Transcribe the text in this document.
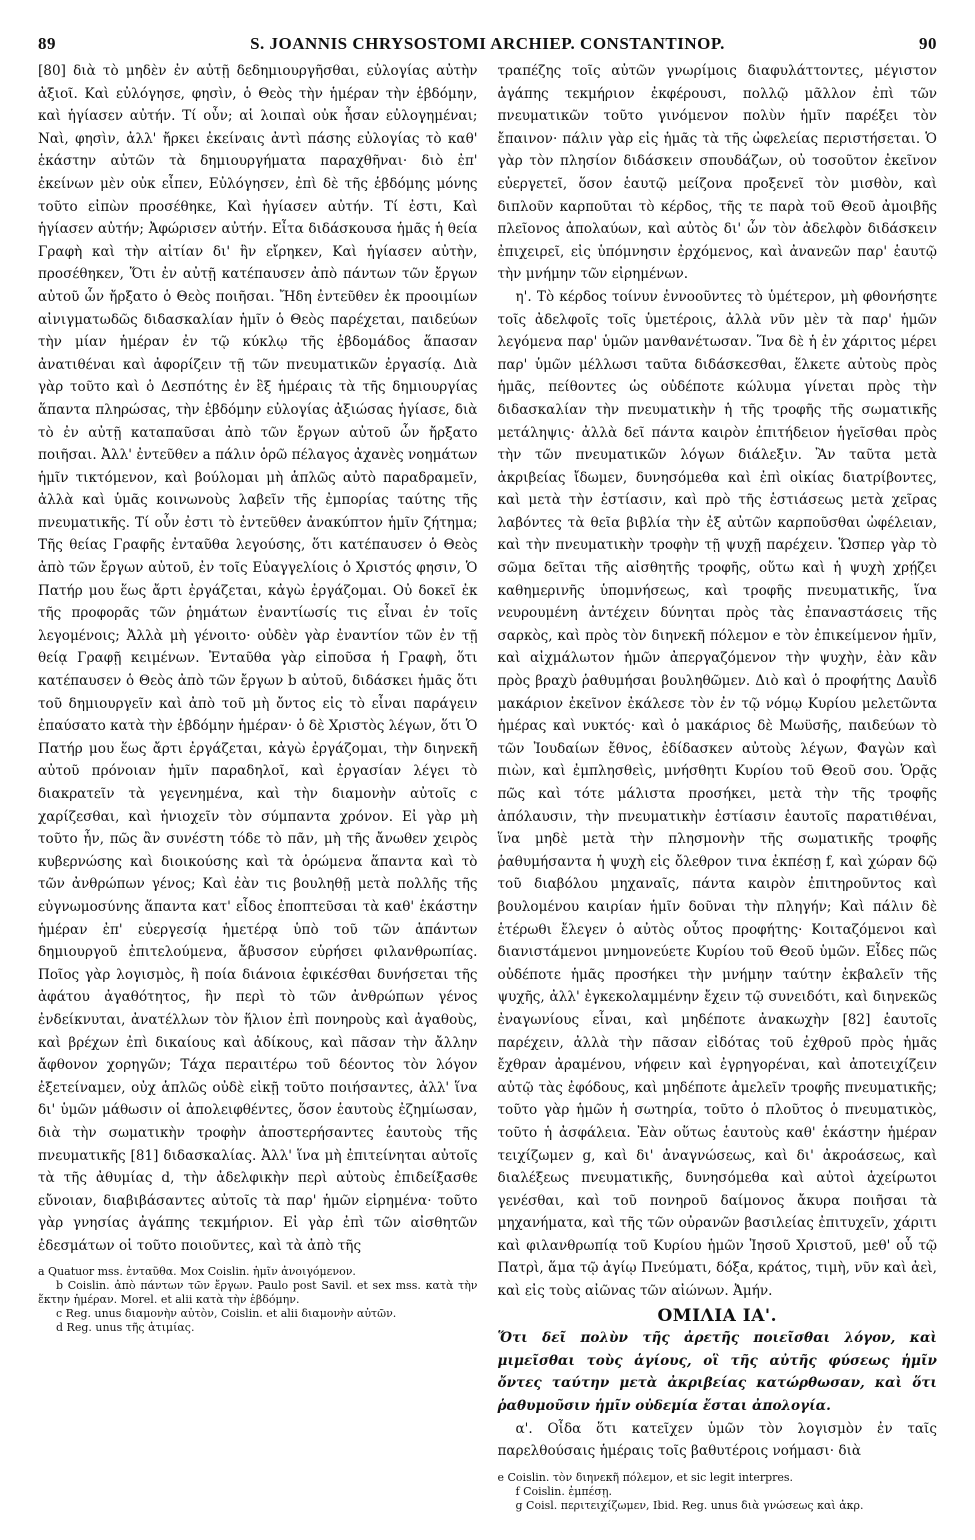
89	S. JOANNIS CHRYSOSTOMI ARCHIEP. CONSTANTINOP.	90

[80] διὰ τὸ μηδὲν ἐν αὐτῇ δεδημιουργῆσθαι, εὐλογίας αὐτὴν ἀξιοῖ. Καὶ εὐλόγησε, φησὶν, ὁ Θεὸς τὴν ἡμέραν τὴν ἑβδόμην, καὶ ἡγίασεν αὐτήν. Τί οὖν; αἱ λοιπαὶ οὐκ ἦσαν εὐλογημέναι; Ναὶ, φησὶν, ἀλλ' ἤρκει ἐκείναις ἀντὶ πάσης εὐλογίας τὸ καθ' ἑκάστην αὐτῶν τὰ δημιουργήματα παραχθῆναι· διὸ ἐπ' ἐκείνων μὲν οὐκ εἶπεν, Εὐλόγησεν, ἐπὶ δὲ τῆς ἑβδόμης μόνης τοῦτο εἰπὼν προσέθηκε, Καὶ ἡγίασεν αὐτήν. Τί ἐστι, Καὶ ἡγίασεν αὐτήν; Ἀφώρισεν αὐτήν. Εἶτα διδάσκουσα ἡμᾶς ἡ θεία Γραφὴ καὶ τὴν αἰτίαν δι' ἣν εἴρηκεν, Καὶ ἡγίασεν αὐτὴν, προσέθηκεν, Ὅτι ἐν αὐτῇ κατέπαυσεν ἀπὸ πάντων τῶν ἔργων αὐτοῦ ὧν ἤρξατο ὁ Θεὸς ποιῆσαι. Ἤδη ἐντεῦθεν ἐκ προοιμίων αἰνιγματωδῶς διδασκαλίαν ἡμῖν ὁ Θεὸς παρέχεται, παιδεύων τὴν μίαν ἡμέραν ἐν τῷ κύκλῳ τῆς ἑβδομάδος ἅπασαν ἀνατιθέναι καὶ ἀφορίζειν τῇ τῶν πνευματικῶν ἐργασίᾳ. Διὰ γὰρ τοῦτο καὶ ὁ Δεσπότης ἐν ἓξ ἡμέραις τὰ τῆς δημιουργίας ἅπαντα πληρώσας, τὴν ἑβδόμην εὐλογίας ἀξιώσας ἡγίασε, διὰ τὸ ἐν αὐτῇ καταπαῦσαι ἀπὸ τῶν ἔργων αὐτοῦ ὧν ἤρξατο ποιῆσαι. Ἀλλ' ἐντεῦθεν a πάλιν ὁρῶ πέλαγος ἀχανὲς νοημάτων ἡμῖν τικτόμενον, καὶ βούλομαι μὴ ἁπλῶς αὐτὸ παραδραμεῖν, ἀλλὰ καὶ ὑμᾶς κοινωνοὺς λαβεῖν τῆς ἐμπορίας ταύτης τῆς πνευματικῆς. Τί οὖν ἐστι τὸ ἐντεῦθεν ἀνακύπτον ἡμῖν ζήτημα; Τῆς θείας Γραφῆς ἐνταῦθα λεγούσης, ὅτι κατέπαυσεν ὁ Θεὸς ἀπὸ τῶν ἔργων αὐτοῦ, ἐν τοῖς Εὐαγγελίοις ὁ Χριστός φησιν, Ὁ Πατήρ μου ἕως ἄρτι ἐργάζεται, κἀγὼ ἐργάζομαι. Οὐ δοκεῖ ἐκ τῆς προφορᾶς τῶν ῥημάτων ἐναντίωσίς τις εἶναι ἐν τοῖς λεγομένοις; Ἀλλὰ μὴ γένοιτο· οὐδὲν γὰρ ἐναντίον τῶν ἐν τῇ θείᾳ Γραφῇ κειμένων. Ἐνταῦθα γὰρ εἰποῦσα ἡ Γραφὴ, ὅτι κατέπαυσεν ὁ Θεὸς ἀπὸ τῶν ἔργων b αὐτοῦ, διδάσκει ἡμᾶς ὅτι τοῦ δημιουργεῖν καὶ ἀπὸ τοῦ μὴ ὄντος εἰς τὸ εἶναι παράγειν ἐπαύσατο κατὰ τὴν ἑβδόμην ἡμέραν· ὁ δὲ Χριστὸς λέγων, ὅτι Ὁ Πατήρ μου ἕως ἄρτι ἐργάζεται, κἀγὼ ἐργάζομαι, τὴν διηνεκῆ αὐτοῦ πρόνοιαν ἡμῖν παραδηλοῖ, καὶ ἐργασίαν λέγει τὸ διακρατεῖν τὰ γεγενημένα, καὶ τὴν διαμονὴν αὐτοῖς c χαρίζεσθαι, καὶ ἡνιοχεῖν τὸν σύμπαντα χρόνον. Εἰ γὰρ μὴ τοῦτο ἦν, πῶς ἂν συνέστη τόδε τὸ πᾶν, μὴ τῆς ἄνωθεν χειρὸς κυβερνώσης καὶ διοικούσης καὶ τὰ ὁρώμενα ἅπαντα καὶ τὸ τῶν ἀνθρώπων γένος; Καὶ ἐὰν τις βουληθῇ μετὰ πολλῆς τῆς εὐγνωμοσύνης ἅπαντα κατ' εἶδος ἐποπτεῦσαι τὰ καθ' ἑκάστην ἡμέραν ἐπ' εὐεργεσίᾳ ἡμετέρᾳ ὑπὸ τοῦ τῶν ἁπάντων δημιουργοῦ ἐπιτελούμενα, ἄβυσσον εὑρήσει φιλανθρωπίας. Ποῖος γὰρ λογισμὸς, ἢ ποία διάνοια ἐφικέσθαι δυνήσεται τῆς ἀφάτου ἀγαθότητος, ἣν περὶ τὸ τῶν ἀνθρώπων γένος ἐνδείκνυται, ἀνατέλλων τὸν ἥλιον ἐπὶ πονηροὺς καὶ ἀγαθοὺς, καὶ βρέχων ἐπὶ δικαίους καὶ ἀδίκους, καὶ πᾶσαν τὴν ἄλλην ἄφθονον χορηγῶν; Τάχα περαιτέρω τοῦ δέοντος τὸν λόγον ἐξετείναμεν, οὐχ ἁπλῶς οὐδὲ εἰκῇ τοῦτο ποιήσαντες, ἀλλ' ἵνα δι' ὑμῶν μάθωσιν οἱ ἀπολειφθέντες, ὅσον ἑαυτοὺς ἐζημίωσαν, διὰ τὴν σωματικὴν τροφὴν ἀποστερήσαντες ἑαυτοὺς τῆς πνευματικῆς [81] διδασκαλίας. Ἀλλ' ἵνα μὴ ἐπιτείνηται αὐτοῖς τὰ τῆς ἀθυμίας d, τὴν ἀδελφικὴν περὶ αὐτοὺς ἐπιδείξασθε εὔνοιαν, διαβιβάσαντες αὐτοῖς τὰ παρ' ἡμῶν εἰρημένα· τοῦτο γὰρ γνησίας ἀγάπης τεκμήριον. Εἰ γὰρ ἐπὶ τῶν αἰσθητῶν ἐδεσμάτων οἱ τοῦτο ποιοῦντες, καὶ τὰ ἀπὸ τῆς

a Quatuor mss. ἐνταῦθα. Mox Coislin. ἡμῖν ἀνοιγόμενον.

b Coislin. ἀπὸ πάντων τῶν ἔργων. Paulo post Savil. et sex mss. κατὰ τὴν ἕκτην ἡμέραν. Morel. et alii κατὰ τὴν ἑβδόμην.

c Reg. unus διαμονὴν αὐτὸν, Coislin. et alii διαμονὴν αὐτῶν.

d Reg. unus τῆς ἀτιμίας.

τραπέζης τοῖς αὐτῶν γνωρίμοις διαφυλάττοντες, μέγιστον ἀγάπης τεκμήριον ἐκφέρουσι, πολλῷ μᾶλλον ἐπὶ τῶν πνευματικῶν τοῦτο γινόμενον πολὺν ἡμῖν παρέξει τὸν ἔπαινον· πάλιν γὰρ εἰς ἡμᾶς τὰ τῆς ὠφελείας περιστήσεται. Ὁ γὰρ τὸν πλησίον διδάσκειν σπουδάζων, οὐ τοσοῦτον ἐκεῖνον εὐεργετεῖ, ὅσον ἑαυτῷ μείζονα προξενεῖ τὸν μισθὸν, καὶ διπλοῦν καρποῦται τὸ κέρδος, τῆς τε παρὰ τοῦ Θεοῦ ἀμοιβῆς πλεῖονος ἀπολαύων, καὶ αὐτὸς δι' ὧν τὸν ἀδελφὸν διδάσκειν ἐπιχειρεῖ, εἰς ὑπόμνησιν ἐρχόμενος, καὶ ἀνανεῶν παρ' ἑαυτῷ τὴν μνήμην τῶν εἰρημένων.

η'. Τὸ κέρδος τοίνυν ἐννοοῦντες τὸ ὑμέτερον, μὴ φθονήσητε τοῖς ἀδελφοῖς τοῖς ὑμετέροις, ἀλλὰ νῦν μὲν τὰ παρ' ἡμῶν λεγόμενα παρ' ὑμῶν μανθανέτωσαν. Ἵνα δὲ ἡ ἐν χάριτος μέρει παρ' ὑμῶν μέλλωσι ταῦτα διδάσκεσθαι, ἕλκετε αὐτοὺς πρὸς ἡμᾶς, πείθοντες ὡς οὐδέποτε κώλυμα γίνεται πρὸς τὴν διδασκαλίαν τὴν πνευματικὴν ἡ τῆς τροφῆς τῆς σωματικῆς μετάληψις· ἀλλὰ δεῖ πάντα καιρὸν ἐπιτήδειον ἡγεῖσθαι πρὸς τὴν τῶν πνευματικῶν λόγων διάλεξιν. Ἂν ταῦτα μετὰ ἀκριβείας ἴδωμεν, δυνησόμεθα καὶ ἐπὶ οἰκίας διατρίβοντες, καὶ μετὰ τὴν ἑστίασιν, καὶ πρὸ τῆς ἑστιάσεως μετὰ χεῖρας λαβόντες τὰ θεῖα βιβλία τὴν ἐξ αὐτῶν καρποῦσθαι ὠφέλειαν, καὶ τὴν πνευματικὴν τροφὴν τῇ ψυχῇ παρέχειν. Ὥσπερ γὰρ τὸ σῶμα δεῖται τῆς αἰσθητῆς τροφῆς, οὕτω καὶ ἡ ψυχὴ χρῄζει καθημερινῆς ὑπομνήσεως, καὶ τροφῆς πνευματικῆς, ἵνα νευρουμένη ἀντέχειν δύνηται πρὸς τὰς ἐπαναστάσεις τῆς σαρκὸς, καὶ πρὸς τὸν διηνεκῆ πόλεμον e τὸν ἐπικείμενον ἡμῖν, καὶ αἰχμάλωτον ἡμῶν ἀπεργαζόμενον τὴν ψυχὴν, ἐὰν κἂν πρὸς βραχὺ ῥαθυμήσαι βουληθῶμεν. Διὸ καὶ ὁ προφήτης Δαυῒδ μακάριον ἐκεῖνον ἐκάλεσε τὸν ἐν τῷ νόμῳ Κυρίου μελετῶντα ἡμέρας καὶ νυκτός· καὶ ὁ μακάριος δὲ Μωϋσῆς, παιδεύων τὸ τῶν Ἰουδαίων ἔθνος, ἐδίδασκεν αὐτοὺς λέγων, Φαγὼν καὶ πιὼν, καὶ ἐμπλησθεὶς, μνήσθητι Κυρίου τοῦ Θεοῦ σου. Ὁρᾷς πῶς καὶ τότε μάλιστα προσήκει, μετὰ τὴν τῆς τροφῆς ἀπόλαυσιν, τὴν πνευματικὴν ἑστίασιν ἑαυτοῖς παρατιθέναι, ἵνα μηδὲ μετὰ τὴν πλησμονὴν τῆς σωματικῆς τροφῆς ῥαθυμήσαντα ἡ ψυχὴ εἰς ὄλεθρον τινα ἐκπέσῃ f, καὶ χώραν δῷ τοῦ διαβόλου μηχαναῖς, πάντα καιρὸν ἐπιτηροῦντος καὶ βουλομένου καιρίαν ἡμῖν δοῦναι τὴν πληγήν; Καὶ πάλιν δὲ ἑτέρωθι ἔλεγεν ὁ αὐτὸς οὗτος προφήτης· Κοιταζόμενοι καὶ διανιστάμενοι μνημονεύετε Κυρίου τοῦ Θεοῦ ὑμῶν. Εἶδες πῶς οὐδέποτε ἡμᾶς προσήκει τὴν μνήμην ταύτην ἐκβαλεῖν τῆς ψυχῆς, ἀλλ' ἐγκεκολαμμένην ἔχειν τῷ συνειδότι, καὶ διηνεκῶς ἐναγωνίους εἶναι, καὶ μηδέποτε ἀνακωχὴν [82] ἑαυτοῖς παρέχειν, ἀλλὰ τὴν πᾶσαν εἰδότας τοῦ ἐχθροῦ πρὸς ἡμᾶς ἔχθραν ἀραμένου, νήφειν καὶ ἐγρηγορέναι, καὶ ἀποτειχίζειν αὐτῷ τὰς ἐφόδους, καὶ μηδέποτε ἀμελεῖν τροφῆς πνευματικῆς; τοῦτο γὰρ ἡμῶν ἡ σωτηρία, τοῦτο ὁ πλοῦτος ὁ πνευματικὸς, τοῦτο ἡ ἀσφάλεια. Ἐὰν οὕτως ἑαυτοὺς καθ' ἑκάστην ἡμέραν τειχίζωμεν g, καὶ δι' ἀναγνώσεως, καὶ δι' ἀκροάσεως, καὶ διαλέξεως πνευματικῆς, δυνησόμεθα καὶ αὐτοὶ ἀχείρωτοι γενέσθαι, καὶ τοῦ πονηροῦ δαίμονος ἄκυρα ποιῆσαι τὰ μηχανήματα, καὶ τῆς τῶν οὐρανῶν βασιλείας ἐπιτυχεῖν, χάριτι καὶ φιλανθρωπίᾳ τοῦ Κυρίου ἡμῶν Ἰησοῦ Χριστοῦ, μεθ' οὗ τῷ Πατρὶ, ἅμα τῷ ἁγίῳ Πνεύματι, δόξα, κράτος, τιμὴ, νῦν καὶ ἀεὶ, καὶ εἰς τοὺς αἰῶνας τῶν αἰώνων. Ἀμήν.

ΟΜΙΛΙΑ ΙΑ'.

Ὅτι δεῖ πολὺν τῆς ἀρετῆς ποιεῖσθαι λόγον, καὶ μιμεῖσθαι τοὺς ἁγίους, οἳ τῆς αὐτῆς φύσεως ἡμῖν ὄντες ταύτην μετὰ ἀκριβείας κατώρθωσαν, καὶ ὅτι ῥαθυμοῦσιν ἡμῖν οὐδεμία ἔσται ἀπολογία.

α'. Οἶδα ὅτι κατεῖχεν ὑμῶν τὸν λογισμὸν ἐν ταῖς παρελθούσαις ἡμέραις τοῖς βαθυτέροις νοήμασι· διὰ

e Coislin. τὸν διηνεκῆ πόλεμον, et sic legit interpres.

f Coislin. ἐμπέσῃ.

g Coisl. περιτειχίζωμεν, Ibid. Reg. unus διὰ γνώσεως καὶ ἀκρ.
